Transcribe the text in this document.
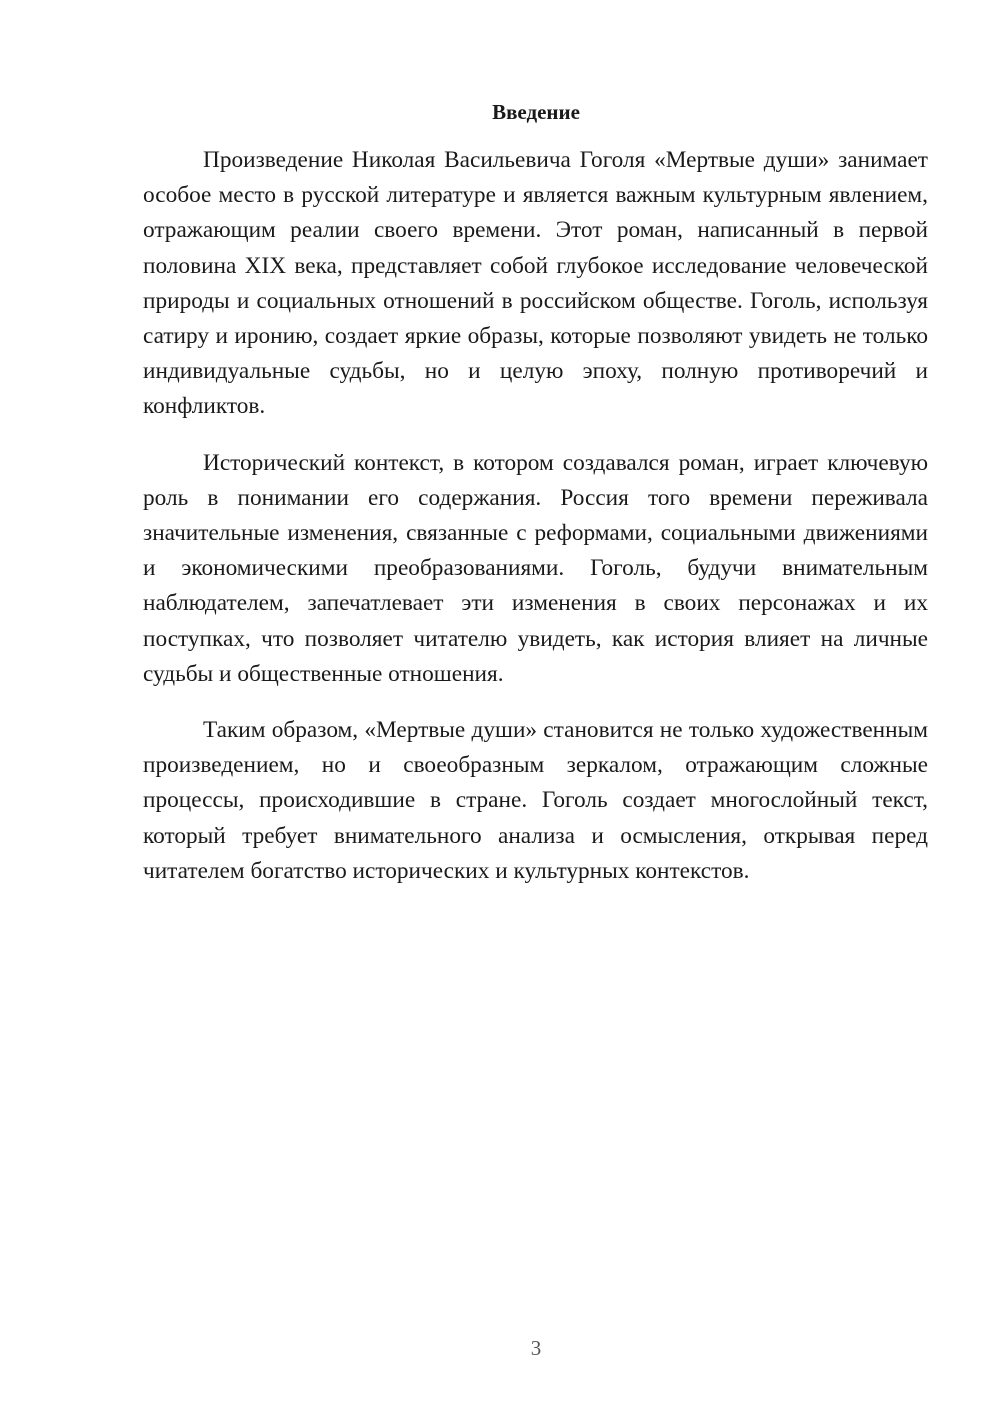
Введение

Произведение Николая Васильевича Гоголя «Мертвые души» занимает особое место в русской литературе и является важным культурным явлением, отражающим реалии своего времени. Этот роман, написанный в первой половина XIX века, представляет собой глубокое исследование человеческой природы и социальных отношений в российском обществе. Гоголь, используя сатиру и иронию, создает яркие образы, которые позволяют увидеть не только индивидуальные судьбы, но и целую эпоху, полную противоречий и конфликтов.

Исторический контекст, в котором создавался роман, играет ключевую роль в понимании его содержания. Россия того времени переживала значительные изменения, связанные с реформами, социальными движениями и экономическими преобразованиями. Гоголь, будучи внимательным наблюдателем, запечатлевает эти изменения в своих персонажах и их поступках, что позволяет читателю увидеть, как история влияет на личные судьбы и общественные отношения.

Таким образом, «Мертвые души» становится не только художественным произведением, но и своеобразным зеркалом, отражающим сложные процессы, происходившие в стране. Гоголь создает многослойный текст, который требует внимательного анализа и осмысления, открывая перед читателем богатство исторических и культурных контекстов.

3
